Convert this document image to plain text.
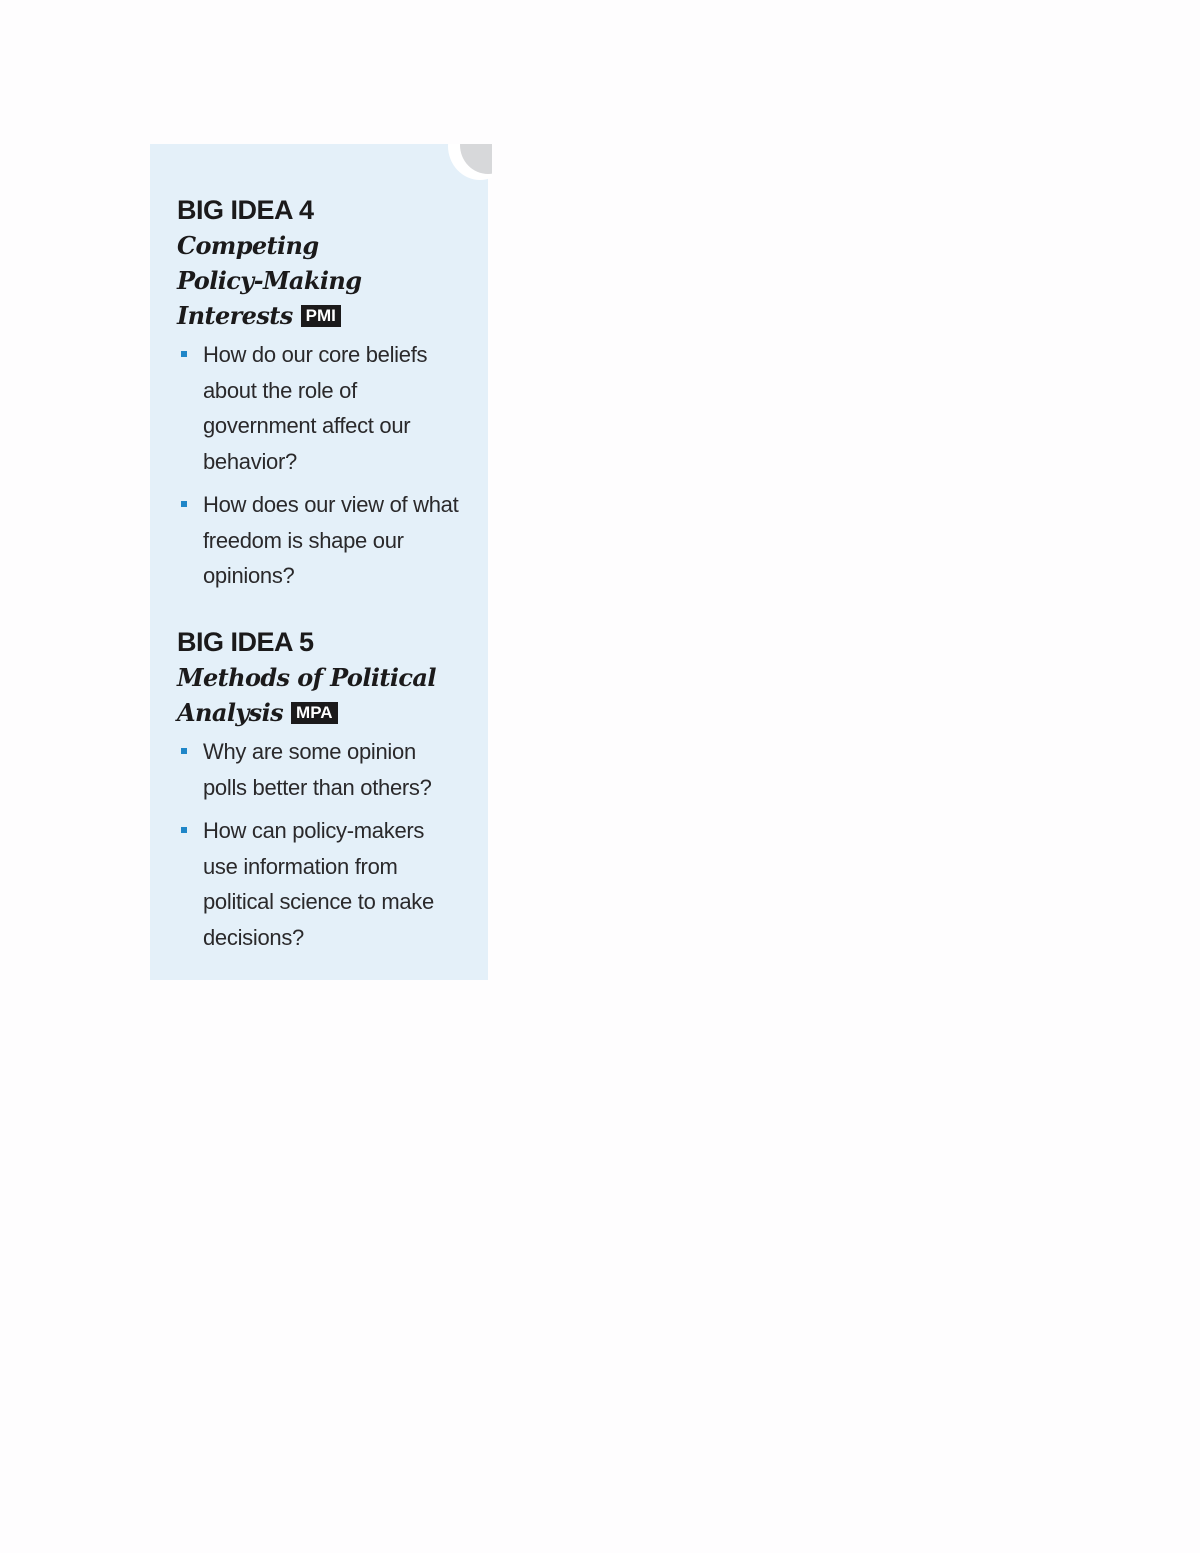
BIG IDEA 4
Competing
Policy-Making
Interests PMI
How do our core beliefs about the role of government affect our behavior?
How does our view of what freedom is shape our opinions?
BIG IDEA 5
Methods of Political
Analysis MPA
Why are some opinion polls better than others?
How can policy-makers use information from political science to make decisions?
